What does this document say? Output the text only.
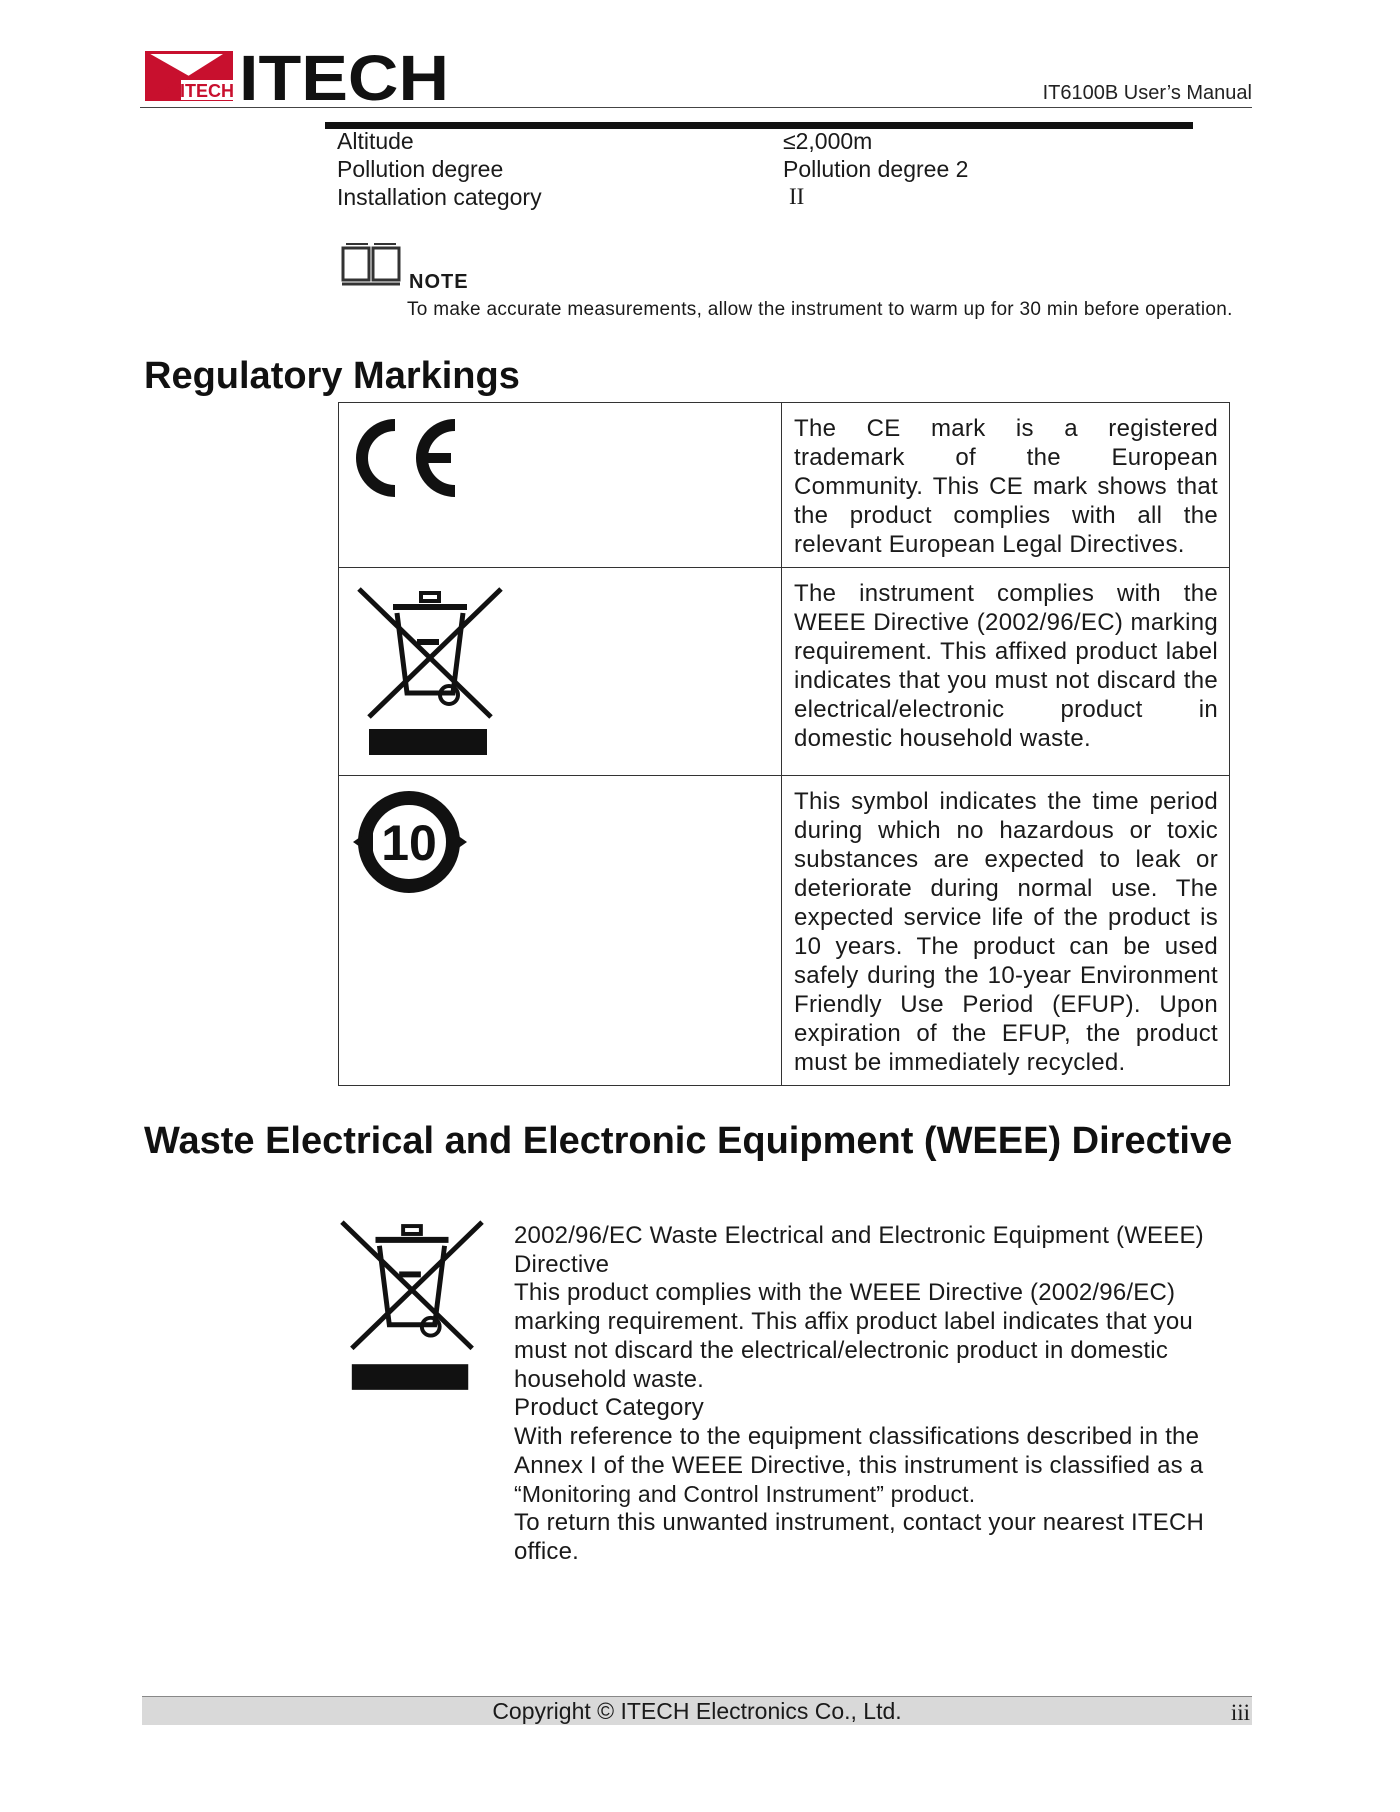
ITECH ITECH	IT6100B User’s Manual
Altitude	≤2,000m
Pollution degree	Pollution degree 2
Installation category	II
NOTE
To make accurate measurements, allow the instrument to warm up for 30 min before operation.
Regulatory Markings
	The CE mark is a registered trademark of the European Community. This CE mark shows that the product complies with all the relevant European Legal Directives.

	The instrument complies with the WEEE Directive (2002/96/EC) marking requirement. This affixed product label indicates that you must not discard the electrical/electronic product in domestic household waste.

10	This symbol indicates the time period during which no hazardous or toxic substances are expected to leak or deteriorate during normal use. The expected service life of the product is 10 years. The product can be used safely during the 10-year Environment Friendly Use Period (EFUP). Upon expiration of the EFUP, the product must be immediately recycled.
Waste Electrical and Electronic Equipment (WEEE) Directive
2002/96/EC Waste Electrical and Electronic Equipment (WEEE) Directive
This product complies with the WEEE Directive (2002/96/EC) marking requirement. This affix product label indicates that you must not discard the electrical/electronic product in domestic household waste.
Product Category
With reference to the equipment classifications described in the Annex I of the WEEE Directive, this instrument is classified as a
“Monitoring and Control Instrument” product.
To return this unwanted instrument, contact your nearest ITECH office.
Copyright © ITECH Electronics Co., Ltd.	iii
